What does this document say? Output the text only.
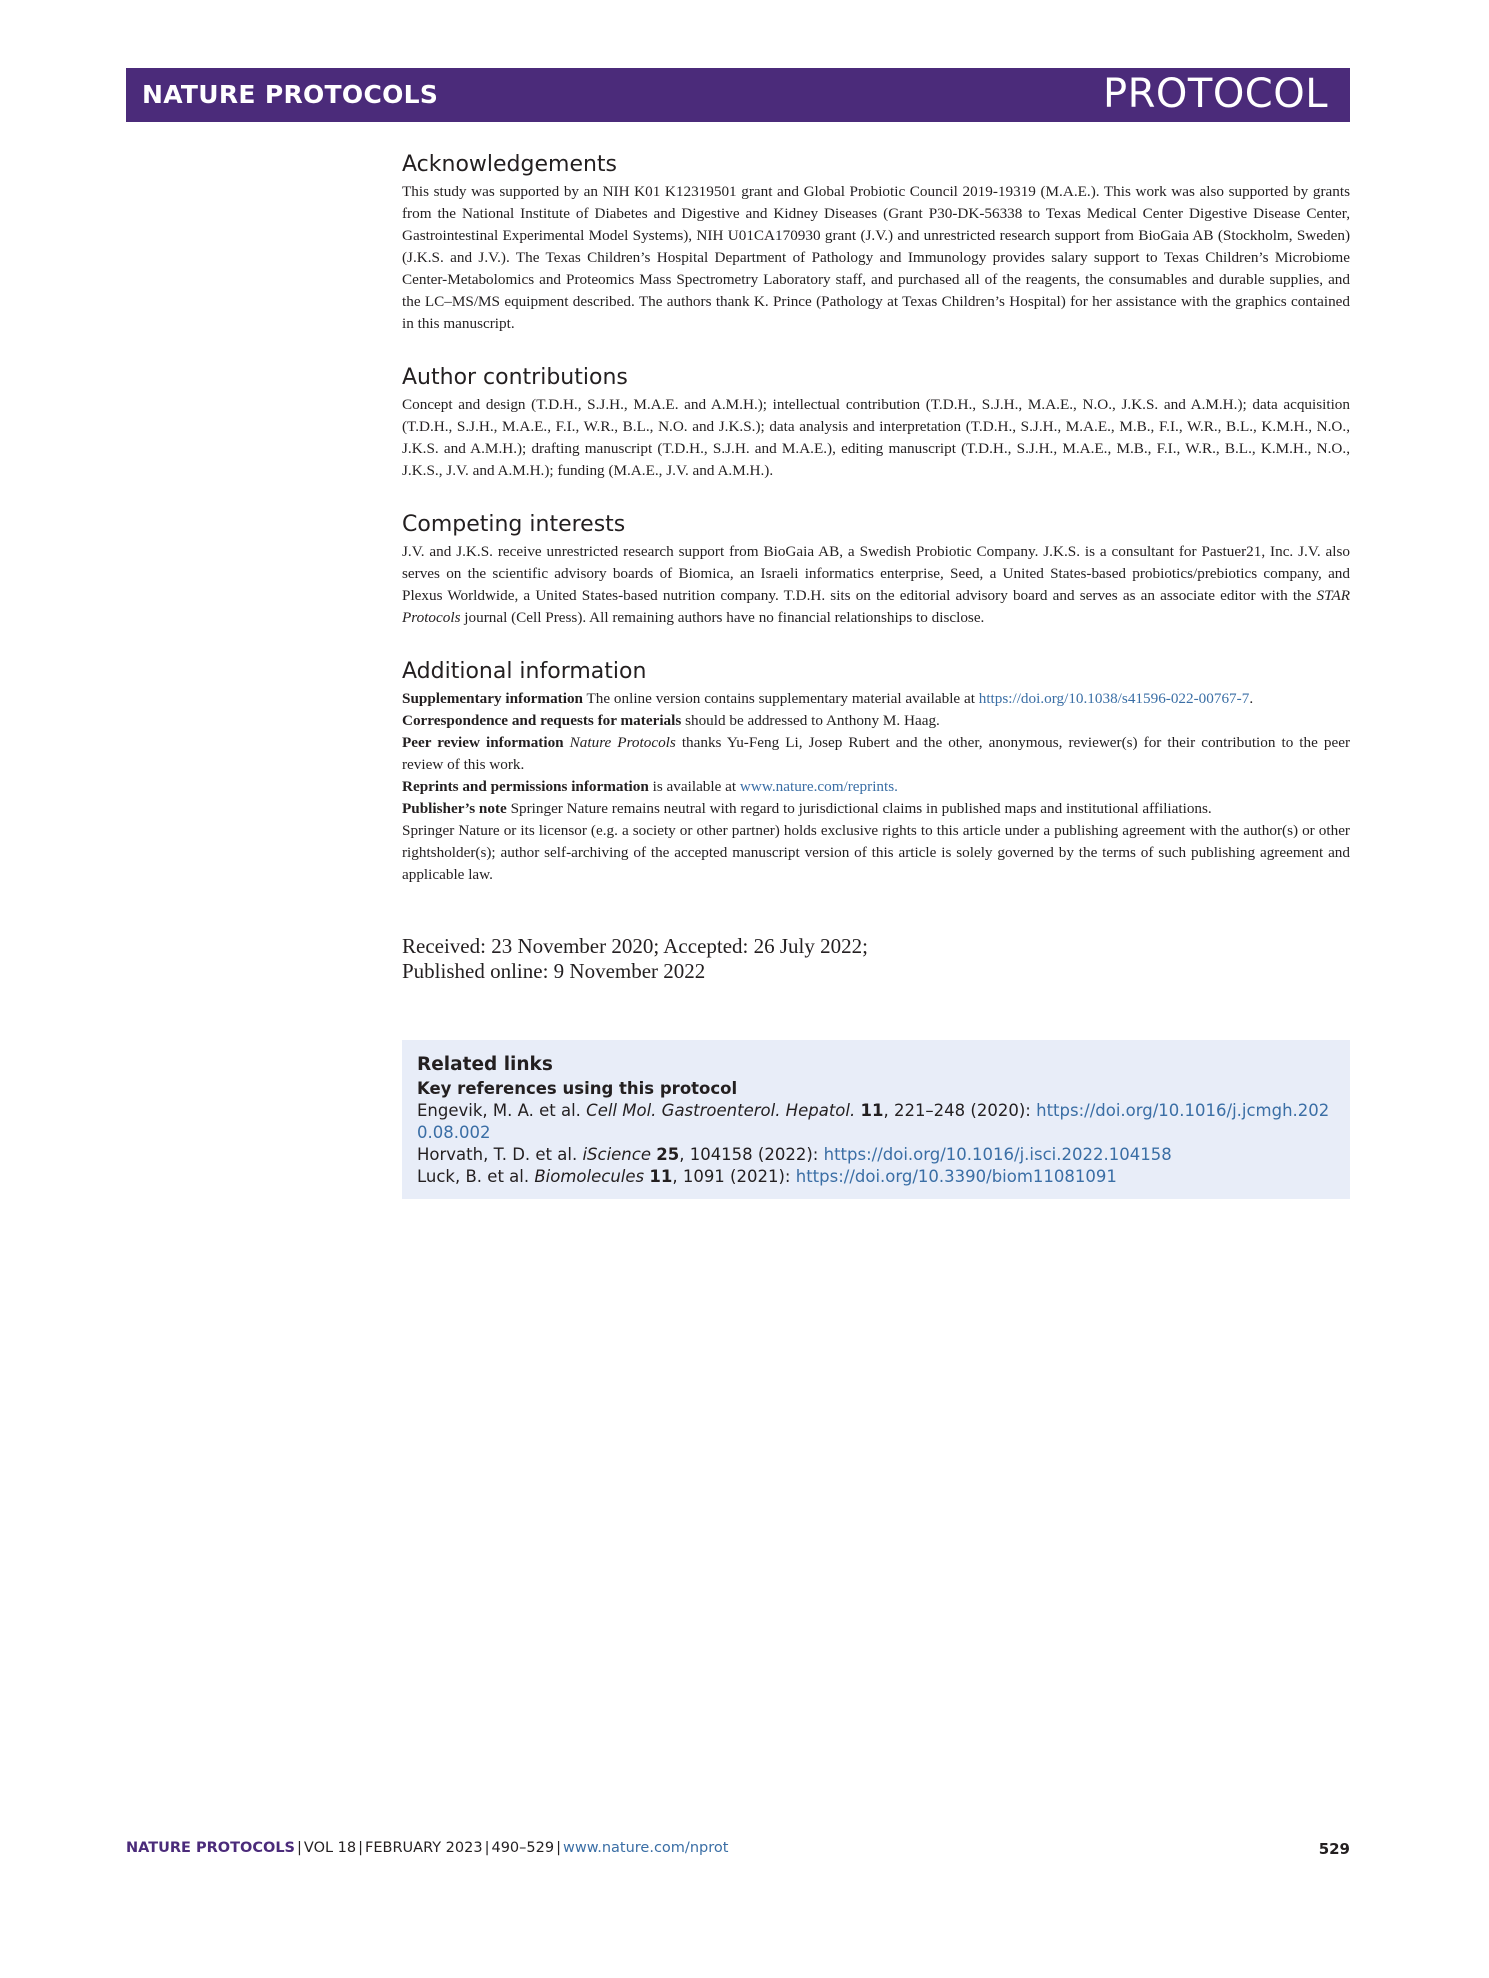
NATURE PROTOCOLS	PROTOCOL
Acknowledgements

This study was supported by an NIH K01 K12319501 grant and Global Probiotic Council 2019-19319 (M.A.E.). This work was also supported by grants from the National Institute of Diabetes and Digestive and Kidney Diseases (Grant P30-DK-56338 to Texas Medical Center Digestive Disease Center, Gastrointestinal Experimental Model Systems), NIH U01CA170930 grant (J.V.) and unrestricted research support from BioGaia AB (Stockholm, Sweden) (J.K.S. and J.V.). The Texas Children’s Hospital Department of Pathology and Immunology provides salary support to Texas Children’s Microbiome Center-Metabolomics and Proteomics Mass Spectrometry Laboratory staff, and purchased all of the reagents, the consumables and durable supplies, and the LC–MS/MS equipment described. The authors thank K. Prince (Pathology at Texas Children’s Hospital) for her assistance with the graphics contained in this manuscript.

Author contributions

Concept and design (T.D.H., S.J.H., M.A.E. and A.M.H.); intellectual contribution (T.D.H., S.J.H., M.A.E., N.O., J.K.S. and A.M.H.); data acquisition (T.D.H., S.J.H., M.A.E., F.I., W.R., B.L., N.O. and J.K.S.); data analysis and interpretation (T.D.H., S.J.H., M.A.E., M.B., F.I., W.R., B.L., K.M.H., N.O., J.K.S. and A.M.H.); drafting manuscript (T.D.H., S.J.H. and M.A.E.), editing manuscript (T.D.H., S.J.H., M.A.E., M.B., F.I., W.R., B.L., K.M.H., N.O., J.K.S., J.V. and A.M.H.); funding (M.A.E., J.V. and A.M.H.).

Competing interests

J.V. and J.K.S. receive unrestricted research support from BioGaia AB, a Swedish Probiotic Company. J.K.S. is a consultant for Pastuer21, Inc. J.V. also serves on the scientific advisory boards of Biomica, an Israeli informatics enterprise, Seed, a United States-based probiotics/prebiotics company, and Plexus Worldwide, a United States-based nutrition company. T.D.H. sits on the editorial advisory board and serves as an associate editor with the STAR Protocols journal (Cell Press). All remaining authors have no financial relationships to disclose.

Additional information

Supplementary information The online version contains supplementary material available at https://doi.org/10.1038/s41596-022-00767-7.

Correspondence and requests for materials should be addressed to Anthony M. Haag.

Peer review information Nature Protocols thanks Yu-Feng Li, Josep Rubert and the other, anonymous, reviewer(s) for their contribution to the peer review of this work.

Reprints and permissions information is available at www.nature.com/reprints.

Publisher’s note Springer Nature remains neutral with regard to jurisdictional claims in published maps and institutional affiliations.

Springer Nature or its licensor (e.g. a society or other partner) holds exclusive rights to this article under a publishing agreement with the author(s) or other rightsholder(s); author self-archiving of the accepted manuscript version of this article is solely governed by the terms of such publishing agreement and applicable law.

Received: 23 November 2020; Accepted: 26 July 2022;
Published online: 9 November 2022
Related links
Key references using this protocol
Engevik, M. A. et al. Cell Mol. Gastroenterol. Hepatol. 11, 221–248 (2020): https://doi.org/10.1016/j.jcmgh.2020.08.002
Horvath, T. D. et al. iScience 25, 104158 (2022): https://doi.org/10.1016/j.isci.2022.104158
Luck, B. et al. Biomolecules 11, 1091 (2021): https://doi.org/10.3390/biom11081091
NATURE PROTOCOLS | VOL 18 | FEBRUARY 2023 | 490–529 | www.nature.com/nprot	529
